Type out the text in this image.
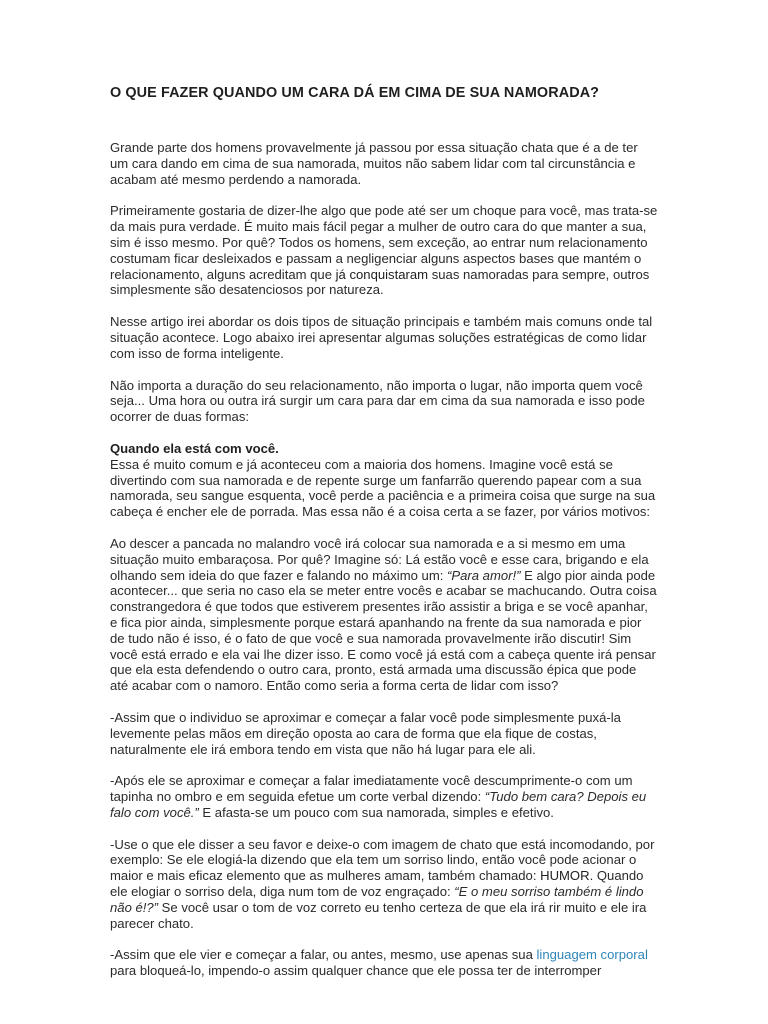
O QUE FAZER QUANDO UM CARA DÁ EM CIMA DE SUA NAMORADA?

Grande parte dos homens provavelmente já passou por essa situação chata que é a de ter um cara dando em cima de sua namorada, muitos não sabem lidar com tal circunstância e acabam até mesmo perdendo a namorada.

Primeiramente gostaria de dizer-lhe algo que pode até ser um choque para você, mas trata-se da mais pura verdade. É muito mais fácil pegar a mulher de outro cara do que manter a sua, sim é isso mesmo. Por quê? Todos os homens, sem exceção, ao entrar num relacionamento costumam ficar desleixados e passam a negligenciar alguns aspectos bases que mantém o relacionamento, alguns acreditam que já conquistaram suas namoradas para sempre, outros simplesmente são desatenciosos por natureza.

Nesse artigo irei abordar os dois tipos de situação principais e também mais comuns onde tal situação acontece. Logo abaixo irei apresentar algumas soluções estratégicas de como lidar com isso de forma inteligente.

Não importa a duração do seu relacionamento, não importa o lugar, não importa quem você seja... Uma hora ou outra irá surgir um cara para dar em cima da sua namorada e isso pode ocorrer de duas formas:

Quando ela está com você.
Essa é muito comum e já aconteceu com a maioria dos homens. Imagine você está se divertindo com sua namorada e de repente surge um fanfarrão querendo papear com a sua namorada, seu sangue esquenta, você perde a paciência e a primeira coisa que surge na sua cabeça é encher ele de porrada. Mas essa não é a coisa certa a se fazer, por vários motivos:

Ao descer a pancada no malandro você irá colocar sua namorada e a si mesmo em uma situação muito embaraçosa. Por quê? Imagine só: Lá estão você e esse cara, brigando e ela olhando sem ideia do que fazer e falando no máximo um: “Para amor!” E algo pior ainda pode acontecer... que seria no caso ela se meter entre vocês e acabar se machucando. Outra coisa constrangedora é que todos que estiverem presentes irão assistir a briga e se você apanhar, e fica pior ainda, simplesmente porque estará apanhando na frente da sua namorada e pior de tudo não é isso, é o fato de que você e sua namorada provavelmente irão discutir! Sim você está errado e ela vai lhe dizer isso. E como você já está com a cabeça quente irá pensar que ela esta defendendo o outro cara, pronto, está armada uma discussão épica que pode até acabar com o namoro. Então como seria a forma certa de lidar com isso?

-Assim que o individuo se aproximar e começar a falar você pode simplesmente puxá-la levemente pelas mãos em direção oposta ao cara de forma que ela fique de costas, naturalmente ele irá embora tendo em vista que não há lugar para ele ali.

-Após ele se aproximar e começar a falar imediatamente você descumprimente-o com um tapinha no ombro e em seguida efetue um corte verbal dizendo: “Tudo bem cara? Depois eu falo com você.” E afasta-se um pouco com sua namorada, simples e efetivo.

-Use o que ele disser a seu favor e deixe-o com imagem de chato que está incomodando, por exemplo: Se ele elogiá-la dizendo que ela tem um sorriso lindo, então você pode acionar o maior e mais eficaz elemento que as mulheres amam, também chamado: HUMOR. Quando ele elogiar o sorriso dela, diga num tom de voz engraçado: “E o meu sorriso também é lindo não é!?” Se você usar o tom de voz correto eu tenho certeza de que ela irá rir muito e ele ira parecer chato.

-Assim que ele vier e começar a falar, ou antes, mesmo, use apenas sua linguagem corporal para bloqueá-lo, impendo-o assim qualquer chance que ele possa ter de interromper
